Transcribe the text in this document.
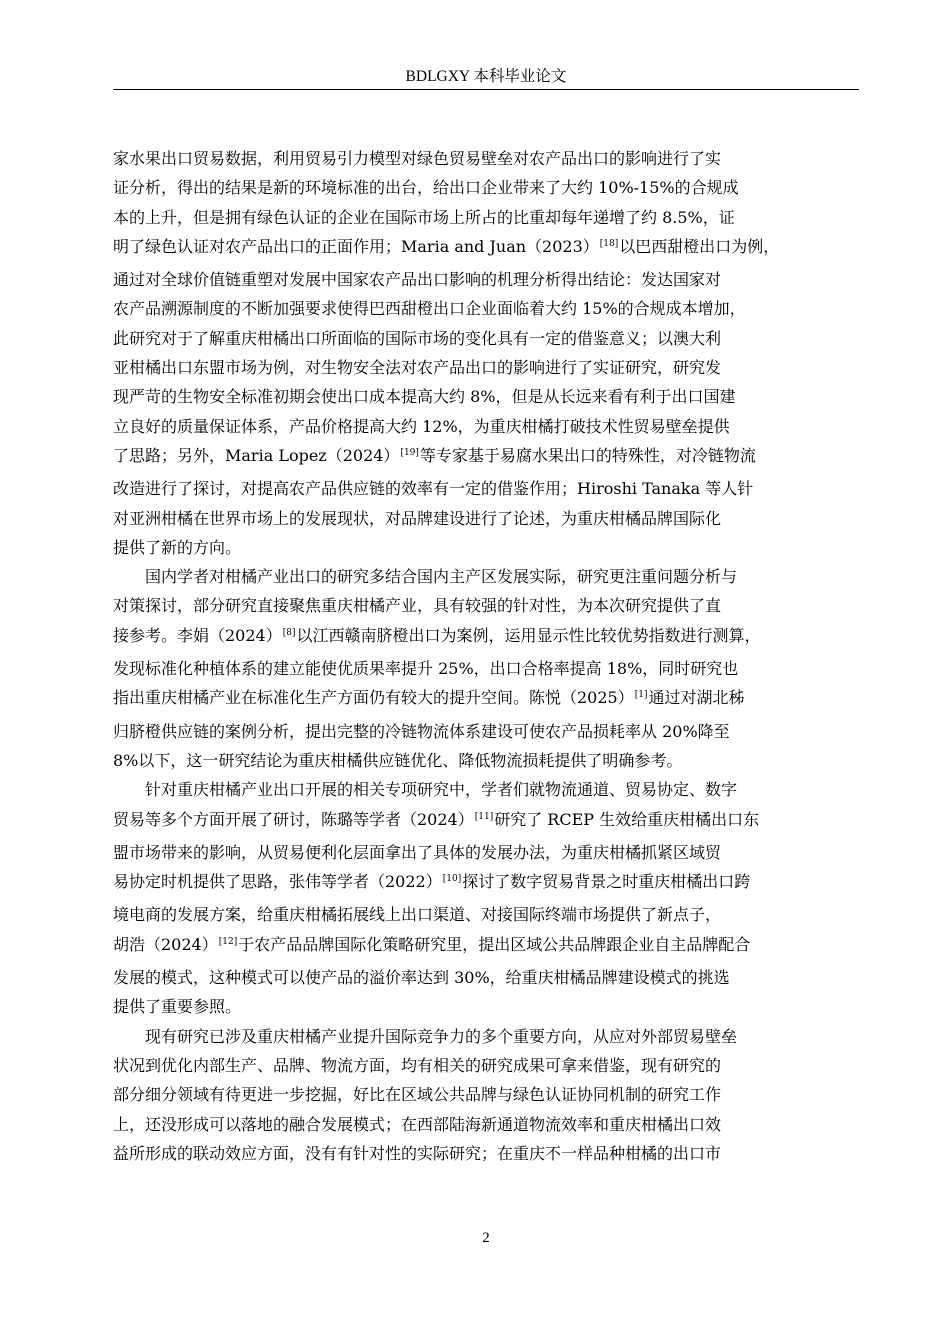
BDLGXY 本科毕业论文
家水果出口贸易数据，利用贸易引力模型对绿色贸易壁垒对农产品出口的影响进行了实
证分析，得出的结果是新的环境标准的出台，给出口企业带来了大约 10%-15%的合规成
本的上升，但是拥有绿色认证的企业在国际市场上所占的比重却每年递增了约 8.5%，证
明了绿色认证对农产品出口的正面作用；Maria and Juan（2023）[18]以巴西甜橙出口为例，
通过对全球价值链重塑对发展中国家农产品出口影响的机理分析得出结论：发达国家对
农产品溯源制度的不断加强要求使得巴西甜橙出口企业面临着大约 15%的合规成本增加，
此研究对于了解重庆柑橘出口所面临的国际市场的变化具有一定的借鉴意义；以澳大利
亚柑橘出口东盟市场为例，对生物安全法对农产品出口的影响进行了实证研究，研究发
现严苛的生物安全标准初期会使出口成本提高大约 8%，但是从长远来看有利于出口国建
立良好的质量保证体系，产品价格提高大约 12%，为重庆柑橘打破技术性贸易壁垒提供
了思路；另外，Maria Lopez（2024）[19]等专家基于易腐水果出口的特殊性，对冷链物流
改造进行了探讨，对提高农产品供应链的效率有一定的借鉴作用；Hiroshi Tanaka 等人针
对亚洲柑橘在世界市场上的发展现状，对品牌建设进行了论述，为重庆柑橘品牌国际化
提供了新的方向。
国内学者对柑橘产业出口的研究多结合国内主产区发展实际，研究更注重问题分析与
对策探讨，部分研究直接聚焦重庆柑橘产业，具有较强的针对性，为本次研究提供了直
接参考。李娟（2024）[8]以江西赣南脐橙出口为案例，运用显示性比较优势指数进行测算，
发现标准化种植体系的建立能使优质果率提升 25%，出口合格率提高 18%，同时研究也
指出重庆柑橘产业在标准化生产方面仍有较大的提升空间。陈悦（2025）[1]通过对湖北秭
归脐橙供应链的案例分析，提出完整的冷链物流体系建设可使农产品损耗率从 20%降至
8%以下，这一研究结论为重庆柑橘供应链优化、降低物流损耗提供了明确参考。
针对重庆柑橘产业出口开展的相关专项研究中，学者们就物流通道、贸易协定、数字
贸易等多个方面开展了研讨，陈璐等学者（2024）[11]研究了 RCEP 生效给重庆柑橘出口东
盟市场带来的影响，从贸易便利化层面拿出了具体的发展办法，为重庆柑橘抓紧区域贸
易协定时机提供了思路，张伟等学者（2022）[10]探讨了数字贸易背景之时重庆柑橘出口跨
境电商的发展方案，给重庆柑橘拓展线上出口渠道、对接国际终端市场提供了新点子，
胡浩（2024）[12]于农产品品牌国际化策略研究里，提出区域公共品牌跟企业自主品牌配合
发展的模式，这种模式可以使产品的溢价率达到 30%，给重庆柑橘品牌建设模式的挑选
提供了重要参照。
现有研究已涉及重庆柑橘产业提升国际竞争力的多个重要方向，从应对外部贸易壁垒
状况到优化内部生产、品牌、物流方面，均有相关的研究成果可拿来借鉴，现有研究的
部分细分领域有待更进一步挖掘，好比在区域公共品牌与绿色认证协同机制的研究工作
上，还没形成可以落地的融合发展模式；在西部陆海新通道物流效率和重庆柑橘出口效
益所形成的联动效应方面，没有有针对性的实际研究；在重庆不一样品种柑橘的出口市
2
